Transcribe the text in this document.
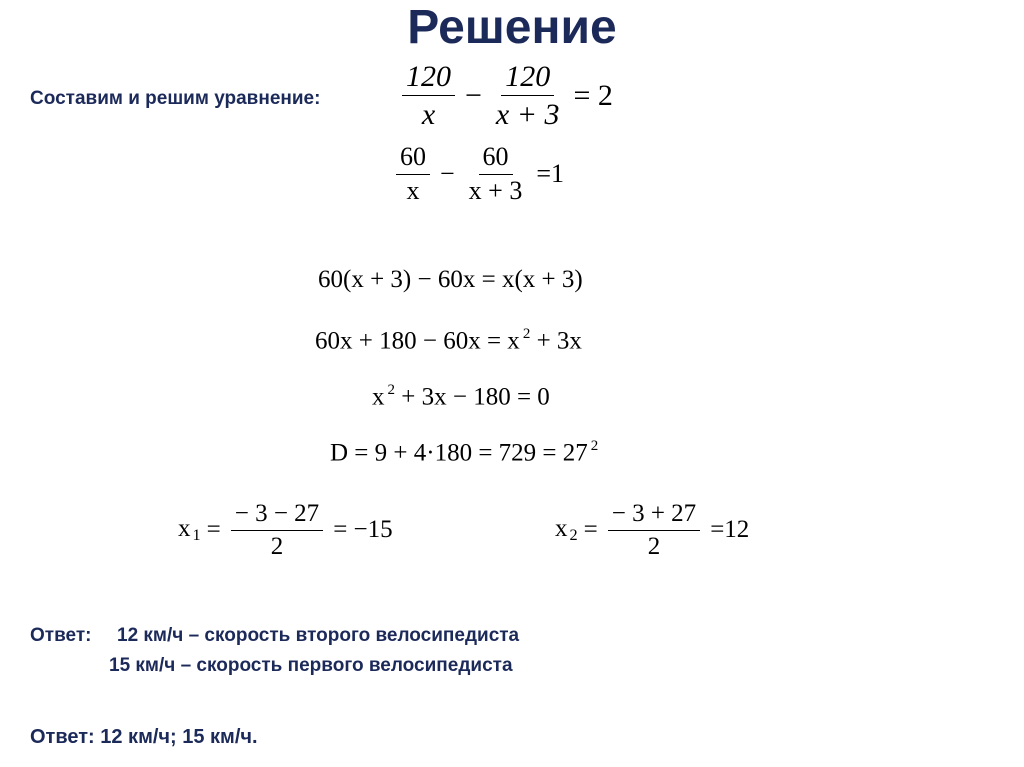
Решение
Составим и решим уравнение:	$\frac{120}{x} - \frac{120}{x + 3} = 2$
$\frac{60}{x} - \frac{60}{x + 3} =1$
60(x + 3) − 60x = x(x + 3)
60x + 180 − 60x = x $^2$ + 3x
x $^2$ + 3x − 180 = 0
D = 9 + 4·180 = 729 = 27 $^2$
x $_1 = \frac{- 3 - 27}{2} = -15$	x $_2 = \frac{- 3 + 27}{2} =12$
Ответ: 12 км/ч – скорость второго велосипедиста
15 км/ч – скорость первого велосипедиста
Ответ: 12 км/ч; 15 км/ч.
